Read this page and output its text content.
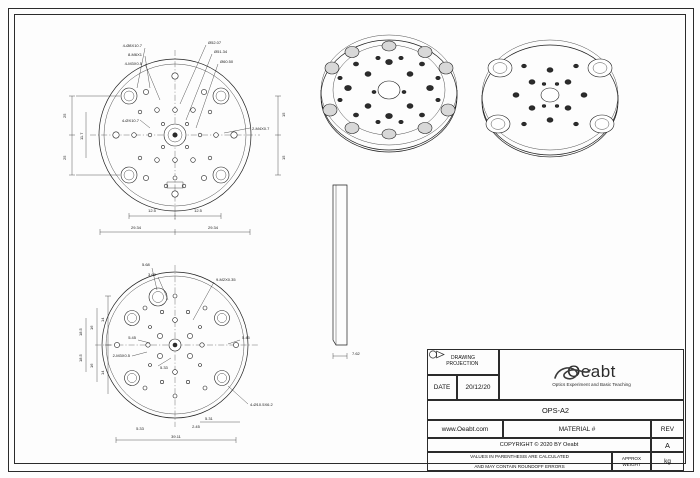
4-Ø8X10.7
8-M6X1
4-M3X0.5
Ø52.07
Ø51.34
Ø60.50
4-ØX10.7
2-M4X0.7
25
25
11.7
15
15
12.5	12.5
29.34	29.34
5.68
3.68
9-M2X0.35
5.45	5.45
2-M3X0.5
4-Ø10.5X6.2
5.33
14
16
18.5
14
16
18.5
5.33	2.45
39.11
5.31
7.62
DRAWING
PROJECTION
DATE	20/12/20
Oeabt
Optics Experiment and Basic Teaching
OPS-A2
www.Oeabt.com	MATERIAL #	REV
COPYRIGHT © 2020 BY Oeabt	A
VALUES IN PARENTHESIS ARE CALCULATED

AND MAY CONTAIN ROUNDOFF ERRORS
APPROX
WEIGHT	kg
